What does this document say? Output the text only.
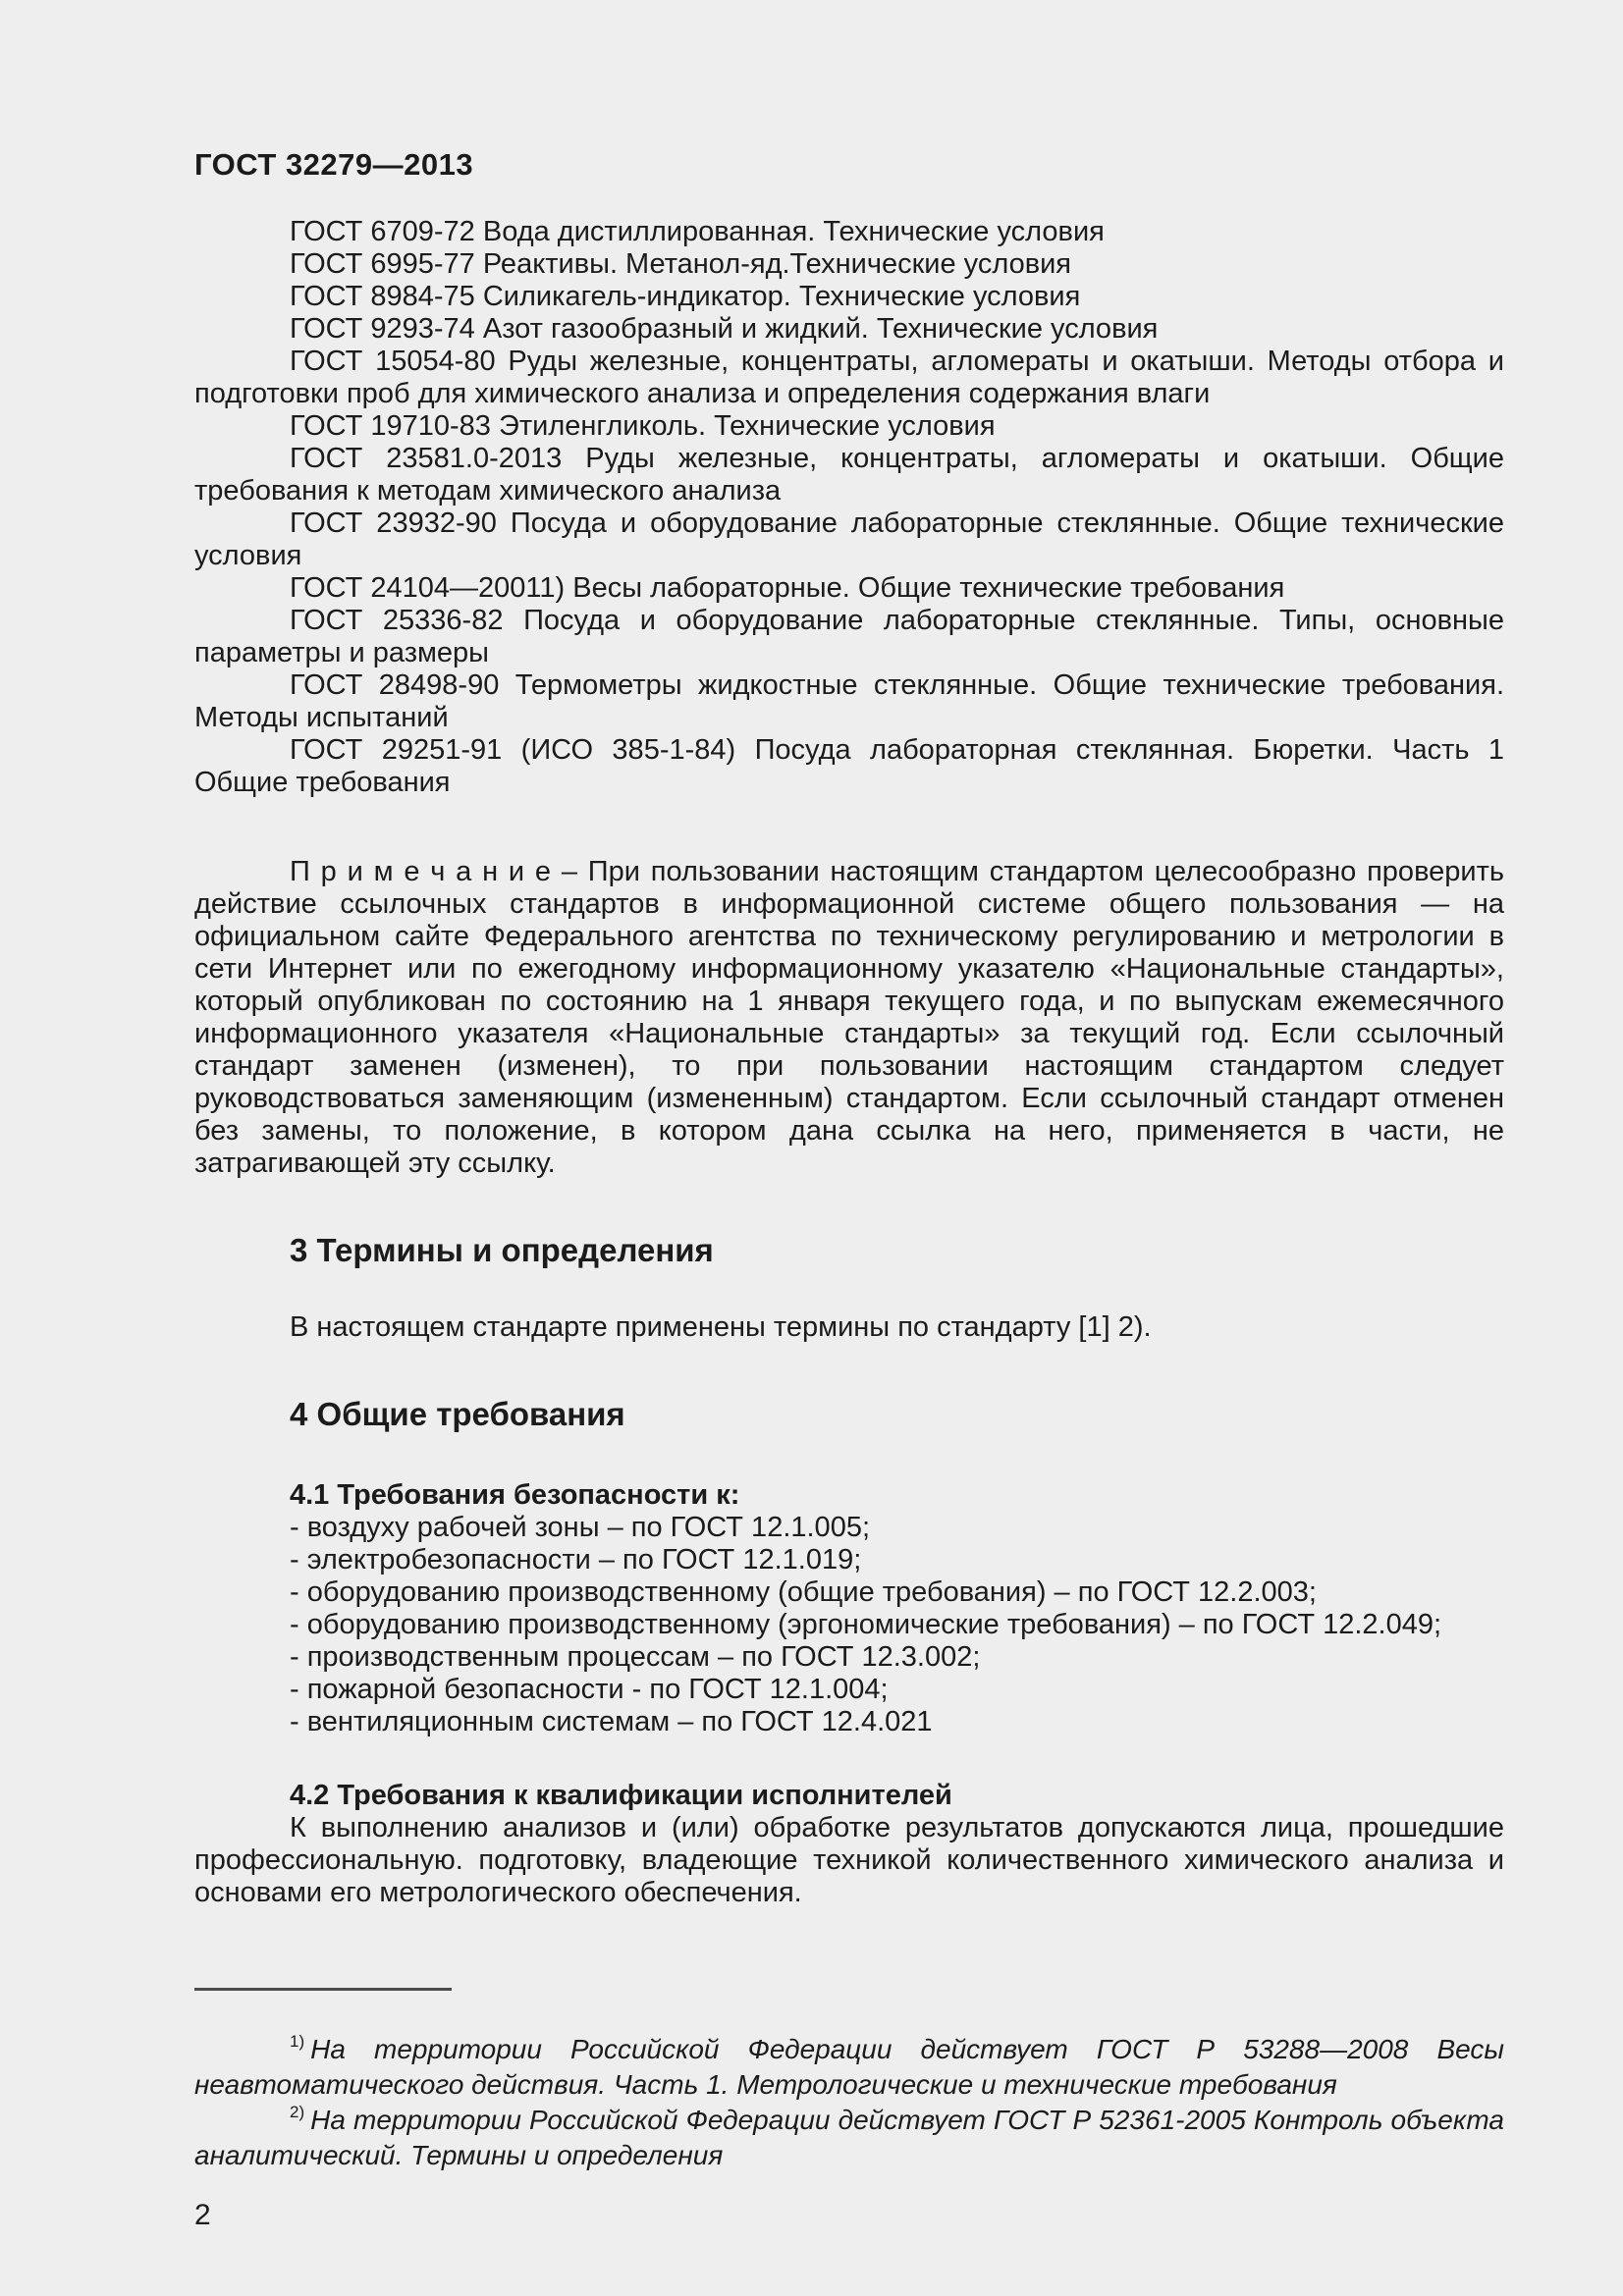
ГОСТ 32279—2013

ГОСТ 6709-72 Вода дистиллированная. Технические условия

ГОСТ 6995-77 Реактивы. Метанол-яд.Технические условия

ГОСТ 8984-75 Силикагель-индикатор. Технические условия

ГОСТ 9293-74 Азот газообразный и жидкий. Технические условия

ГОСТ 15054-80 Руды железные, концентраты, агломераты и окатыши. Методы отбора и подготовки проб для химического анализа и определения содержания влаги

ГОСТ 19710-83 Этиленгликоль. Технические условия

ГОСТ 23581.0-2013 Руды железные, концентраты, агломераты и окатыши. Общие требования к методам химического анализа

ГОСТ 23932-90 Посуда и оборудование лабораторные стеклянные. Общие технические условия

ГОСТ 24104—20011) Весы лабораторные. Общие технические требования

ГОСТ 25336-82 Посуда и оборудование лабораторные стеклянные. Типы, основные параметры и размеры

ГОСТ 28498-90 Термометры жидкостные стеклянные. Общие технические требования. Методы испытаний

ГОСТ 29251-91 (ИСО 385-1-84) Посуда лабораторная стеклянная. Бюретки. Часть 1 Общие требования

П р и м е ч а н и е – При пользовании настоящим стандартом целесообразно проверить действие ссылочных стандартов в информационной системе общего пользования — на официальном сайте Федерального агентства по техническому регулированию и метрологии в сети Интернет или по ежегодному информационному указателю «Национальные стандарты», который опубликован по состоянию на 1 января текущего года, и по выпускам ежемесячного информационного указателя «Национальные стандарты» за текущий год. Если ссылочный стандарт заменен (изменен), то при пользовании настоящим стандартом следует руководствоваться заменяющим (измененным) стандартом. Если ссылочный стандарт отменен без замены, то положение, в котором дана ссылка на него, применяется в части, не затрагивающей эту ссылку.

3 Термины и определения

В настоящем стандарте применены термины по стандарту [1] 2).

4 Общие требования
4.1 Требования безопасности к:

- воздуху рабочей зоны – по ГОСТ 12.1.005;

- электробезопасности – по ГОСТ 12.1.019;

- оборудованию производственному (общие требования) – по ГОСТ 12.2.003;

- оборудованию производственному (эргономические требования) – по ГОСТ 12.2.049;

- производственным процессам – по ГОСТ 12.3.002;

- пожарной безопасности - по ГОСТ 12.1.004;

- вентиляционным системам – по ГОСТ 12.4.021

4.2 Требования к квалификации исполнителей

К выполнению анализов и (или) обработке результатов допускаются лица, прошедшие профессиональную. подготовку, владеющие техникой количественного химического анализа и основами его метрологического обеспечения.

$^{1)}$ На территории Российской Федерации действует ГОСТ Р 53288—2008 Весы неавтоматического действия. Часть 1. Метрологические и технические требования

$^{2)}$ На территории Российской Федерации действует ГОСТ Р 52361-2005 Контроль объекта аналитический. Термины и определения

2
